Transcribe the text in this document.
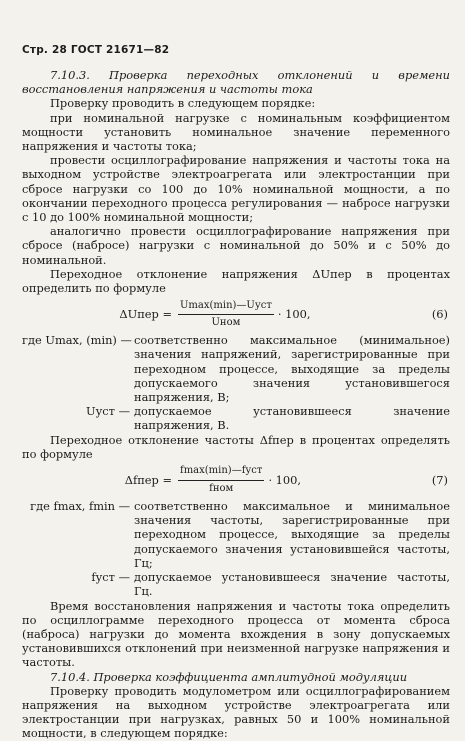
Стр. 28 ГОСТ 21671—82

7.10.3. Проверка переходных отклонений и времени восстановления напряжения и частоты тока

Проверку проводить в следующем порядке:

при номинальной нагрузке с номинальным коэффициентом мощности установить номинальное значение переменного напряжения и частоты тока;

провести осциллографирование напряжения и частоты тока на выходном устройстве электроагрегата или электростанции при сбросе нагрузки со 100 до 10% номинальной мощности, а по окончании переходного процесса регулирования — набросе нагрузки с 10 до 100% номинальной мощности;

аналогично провести осциллографирование напряжения при сбросе (набросе) нагрузки с номинальной до 50% и с 50% до номинальной.

Переходное отклонение напряжения ΔUпер в процентах определить по формуле

ΔUпер = $\frac{\text{Umax(min)—Uуст}}{\text{Uном}} \cdot 100$,	(6)
где Umax, (min) — соответственно максимальное (минимальное) значения напряжений, зарегистрированные при переходном процессе, выходящие за пределы допускаемого значения установившегося напряжения, В;
Uуст — допускаемое установившееся значение напряжения, В.

Переходное отклонение частоты Δfпер в процентах определять по формуле

Δfпер = $\frac{\text{fmax(min)—fуст}}{\text{fном}} \cdot 100$,	(7)
где fmax, fmin — соответственно максимальное и минимальное значения частоты, зарегистрированные при переходном процессе, выходящие за пределы допускаемого значения установившейся частоты, Гц;
fуст — допускаемое установившееся значение частоты, Гц.

Время восстановления напряжения и частоты тока определить по осциллограмме переходного процесса от момента сброса (наброса) нагрузки до момента вхождения в зону допускаемых установившихся отклонений при неизменной нагрузке напряжения и частоты.

7.10.4. Проверка коэффициента амплитудной модуляции

Проверку проводить модулометром или осциллографированием напряжения на выходном устройстве электроагрегата или электростанции при нагрузках, равных 50 и 100% номинальной мощности, в следующем порядке:
